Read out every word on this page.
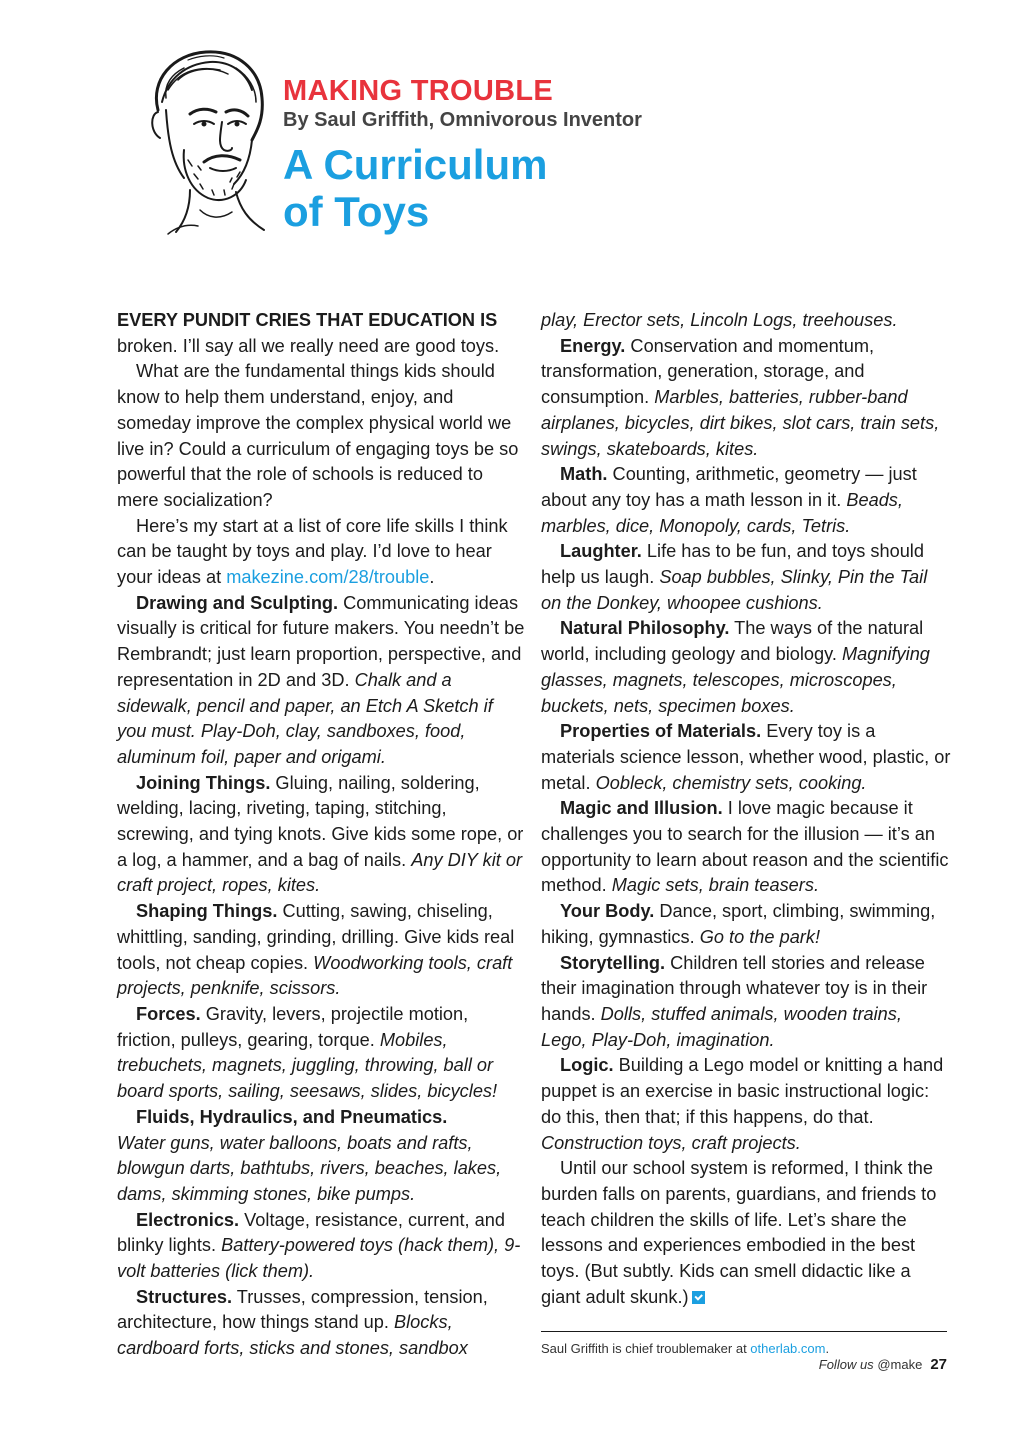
MAKING TROUBLE
By Saul Griffith, Omnivorous Inventor
A Curriculum
of Toys

EVERY PUNDIT CRIES THAT EDUCATION IS broken. I’ll say all we really need are good toys.

What are the fundamental things kids should know to help them understand, enjoy, and someday improve the complex physical world we live in? Could a curriculum of engaging toys be so powerful that the role of schools is reduced to mere socialization?

Here’s my start at a list of core life skills I think can be taught by toys and play. I’d love to hear your ideas at makezine.com/28/trouble.

Drawing and Sculpting. Communicating ideas visually is critical for future makers. You needn’t be Rembrandt; just learn proportion, perspective, and representation in 2D and 3D. Chalk and a sidewalk, pencil and paper, an Etch A Sketch if you must. Play-Doh, clay, sandboxes, food, aluminum foil, paper and origami.

Joining Things. Gluing, nailing, soldering, welding, lacing, riveting, taping, stitching, screwing, and tying knots. Give kids some rope, or a log, a hammer, and a bag of nails. Any DIY kit or craft project, ropes, kites.

Shaping Things. Cutting, sawing, chiseling, whittling, sanding, grinding, drilling. Give kids real tools, not cheap copies. Woodworking tools, craft projects, penknife, scissors.

Forces. Gravity, levers, projectile motion, friction, pulleys, gearing, torque. Mobiles, trebuchets, magnets, juggling, throwing, ball or board sports, sailing, seesaws, slides, bicycles!

Fluids, Hydraulics, and Pneumatics.
Water guns, water balloons, boats and rafts, blowgun darts, bathtubs, rivers, beaches, lakes, dams, skimming stones, bike pumps.

Electronics. Voltage, resistance, current, and blinky lights. Battery-powered toys (hack them), 9-volt batteries (lick them).

Structures. Trusses, compression, tension, architecture, how things stand up. Blocks, cardboard forts, sticks and stones, sandbox

play, Erector sets, Lincoln Logs, treehouses.

Energy. Conservation and momentum, transformation, generation, storage, and consumption. Marbles, batteries, rubber-band airplanes, bicycles, dirt bikes, slot cars, train sets, swings, skateboards, kites.

Math. Counting, arithmetic, geometry — just about any toy has a math lesson in it. Beads, marbles, dice, Monopoly, cards, Tetris.

Laughter. Life has to be fun, and toys should help us laugh. Soap bubbles, Slinky, Pin the Tail on the Donkey, whoopee cushions.

Natural Philosophy. The ways of the natural world, including geology and biology. Magnifying glasses, magnets, telescopes, microscopes, buckets, nets, specimen boxes.

Properties of Materials. Every toy is a materials science lesson, whether wood, plastic, or metal. Oobleck, chemistry sets, cooking.

Magic and Illusion. I love magic because it challenges you to search for the illusion — it’s an opportunity to learn about reason and the scientific method. Magic sets, brain teasers.

Your Body. Dance, sport, climbing, swimming, hiking, gymnastics. Go to the park!

Storytelling. Children tell stories and release their imagination through whatever toy is in their hands. Dolls, stuffed animals, wooden trains, Lego, Play-Doh, imagination.

Logic. Building a Lego model or knitting a hand puppet is an exercise in basic instructional logic: do this, then that; if this happens, do that. Construction toys, craft projects.

Until our school system is reformed, I think the burden falls on parents, guardians, and friends to teach children the skills of life. Let’s share the lessons and experiences embodied in the best toys. (But subtly. Kids can smell didactic like a giant adult skunk.)

Saul Griffith is chief troublemaker at otherlab.com.
Follow us @make 27
